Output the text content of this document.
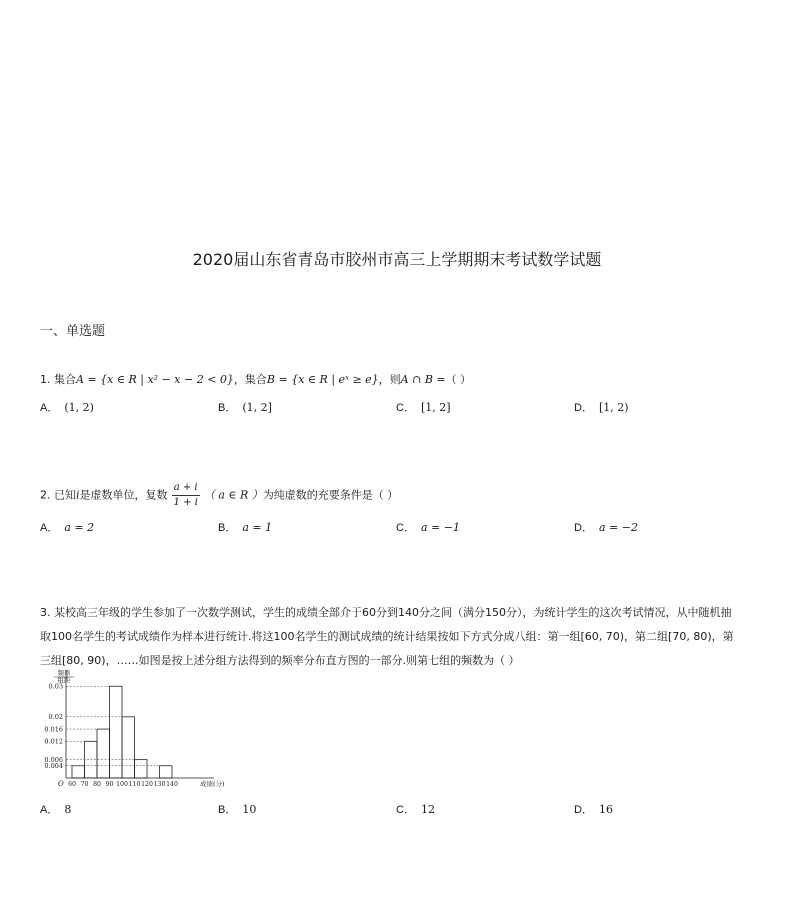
2020届山东省青岛市胶州市高三上学期期末考试数学试题
一、单选题
1. 集合A = {x ∈ R | x² − x − 2 < 0}，集合B = {x ∈ R | eˣ ≥ e}，则A ∩ B =（ ）
A． (1, 2)	B． (1, 2]	C． [1, 2]	D． [1, 2)
2. 已知i是虚数单位，复数 $\frac{a + i}{1 + i}$ （ a ∈ R ）为纯虚数的充要条件是（ ）
A． a = 2	B． a = 1	C． a = −1	D． a = −2
3. 某校高三年级的学生参加了一次数学测试，学生的成绩全部介于60分到140分之间（满分150分），为统计学生的这次考试情况，从中随机抽
取100名学生的考试成绩作为样本进行统计.将这100名学生的测试成绩的统计结果按如下方式分成八组：第一组[60, 70)，第二组[70, 80)，第
三组[80, 90)，……如图是按上述分组方法得到的频率分布直方图的一部分.则第七组的频数为（ ）
0.004
0.006
0.012
0.016
0.02
0.03
60 70 80 90 100 110 120 130 140
O
频率
组距
成绩(分)
A． 8	B． 10	C． 12	D． 16
